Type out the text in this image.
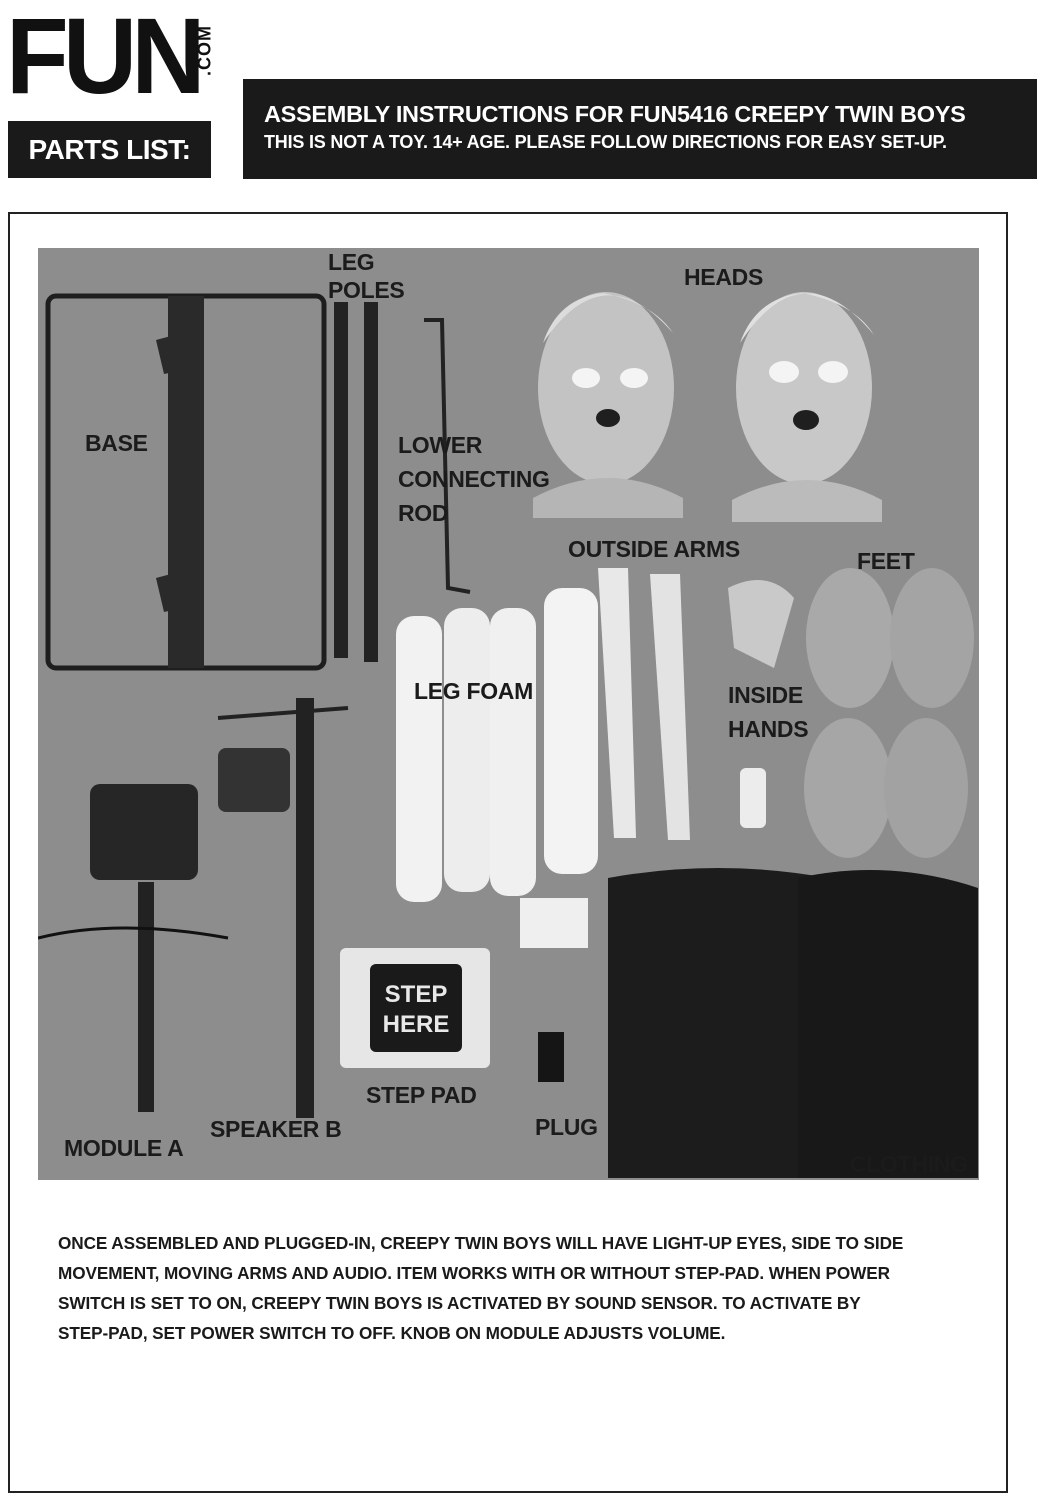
FUN
.COM
PARTS LIST:
ASSEMBLY INSTRUCTIONS FOR FUN5416 CREEPY TWIN BOYS
THIS IS NOT A TOY. 14+ AGE. PLEASE FOLLOW DIRECTIONS FOR EASY SET-UP.
STEP
HERE
LEG
POLES	HEADS
BASE	LOWER
CONNECTING
ROD
OUTSIDE ARMS	FEET
LEG FOAM	INSIDE
HANDS
STEP PAD
PLUG
SPEAKER B
MODULE A
CLOTHING

ONCE ASSEMBLED AND PLUGGED-IN, CREEPY TWIN BOYS WILL HAVE LIGHT-UP EYES, SIDE TO SIDE

MOVEMENT, MOVING ARMS AND AUDIO. ITEM WORKS WITH OR WITHOUT STEP-PAD. WHEN POWER

SWITCH IS SET TO ON, CREEPY TWIN BOYS IS ACTIVATED BY SOUND SENSOR. TO ACTIVATE BY

STEP-PAD, SET POWER SWITCH TO OFF. KNOB ON MODULE ADJUSTS VOLUME.
